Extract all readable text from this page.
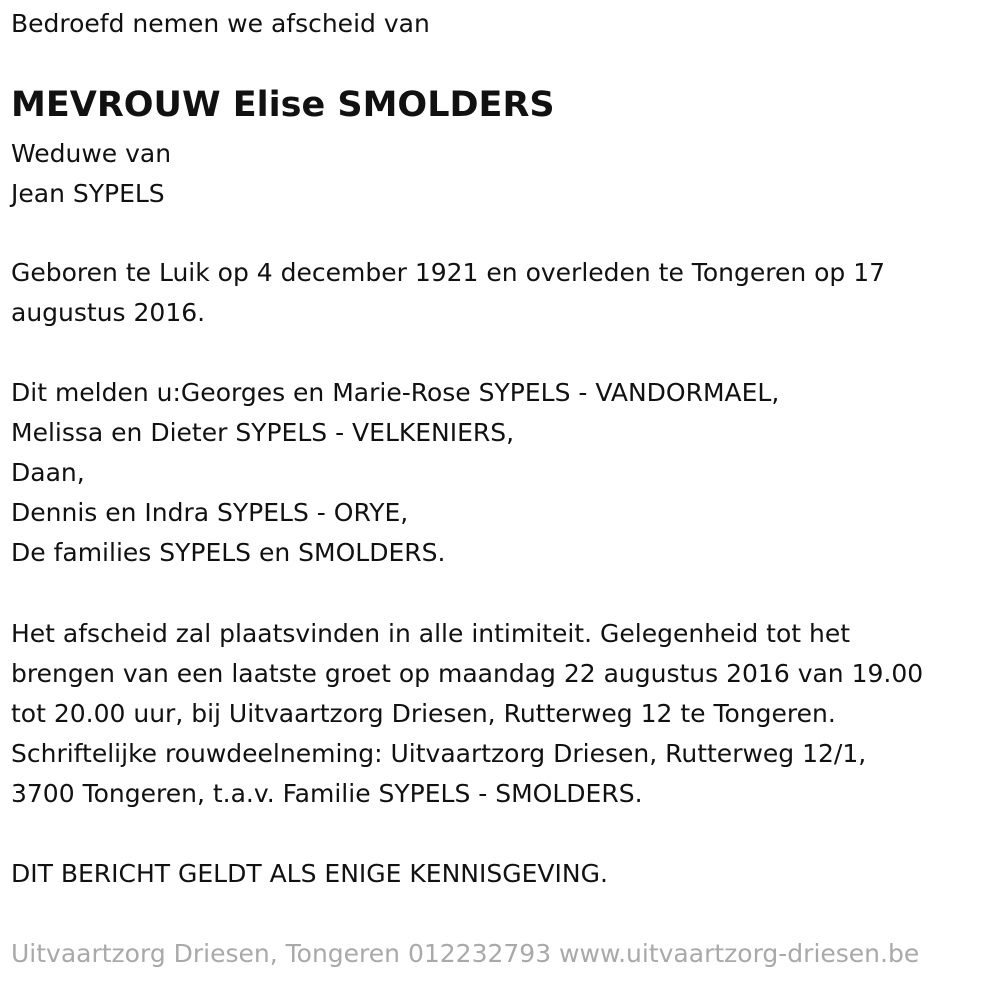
Bedroefd nemen we afscheid van
MEVROUW Elise SMOLDERS
Weduwe van
Jean SYPELS
Geboren te Luik op 4 december 1921 en overleden te Tongeren op 17
augustus 2016.
Dit melden u:Georges en Marie-Rose SYPELS - VANDORMAEL,
Melissa en Dieter SYPELS - VELKENIERS,
Daan,
Dennis en Indra SYPELS - ORYE,
De families SYPELS en SMOLDERS.
Het afscheid zal plaatsvinden in alle intimiteit. Gelegenheid tot het
brengen van een laatste groet op maandag 22 augustus 2016 van 19.00
tot 20.00 uur, bij Uitvaartzorg Driesen, Rutterweg 12 te Tongeren.
Schriftelijke rouwdeelneming: Uitvaartzorg Driesen, Rutterweg 12/1,
3700 Tongeren, t.a.v. Familie SYPELS - SMOLDERS.
DIT BERICHT GELDT ALS ENIGE KENNISGEVING.
Uitvaartzorg Driesen, Tongeren 012232793 www.uitvaartzorg-driesen.be
